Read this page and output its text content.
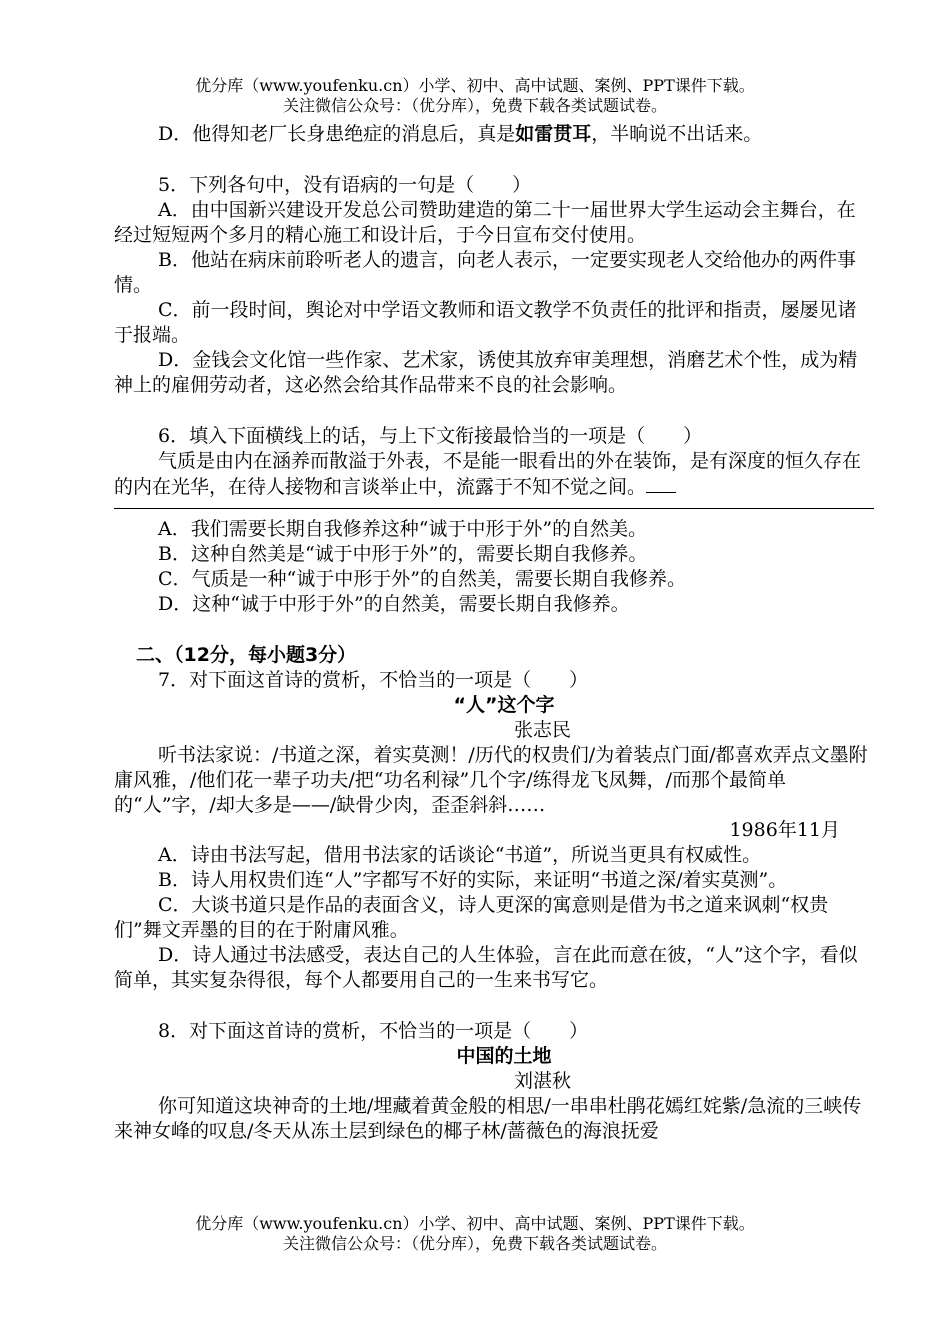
优分库（www.youfenku.cn）小学、初中、高中试题、案例、PPT课件下载。
关注微信公众号：（优分库），免费下载各类试题试卷。

D．他得知老厂长身患绝症的消息后，真是如雷贯耳，半晌说不出话来。

5．下列各句中，没有语病的一句是（　　）

A．由中国新兴建设开发总公司赞助建造的第二十一届世界大学生运动会主舞台，在经过短短两个多月的精心施工和设计后，于今日宣布交付使用。

B．他站在病床前聆听老人的遗言，向老人表示，一定要实现老人交给他办的两件事情。

C．前一段时间，舆论对中学语文教师和语文教学不负责任的批评和指责，屡屡见诸于报端。

D．金钱会文化馆一些作家、艺术家，诱使其放弃审美理想，消磨艺术个性，成为精神上的雇佣劳动者，这必然会给其作品带来不良的社会影响。

6．填入下面横线上的话，与上下文衔接最恰当的一项是（　　）

气质是由内在涵养而散溢于外表，不是能一眼看出的外在装饰，是有深度的恒久存在的内在光华，在待人接物和言谈举止中，流露于不知不觉之间。

A．我们需要长期自我修养这种“诚于中形于外”的自然美。

B．这种自然美是“诚于中形于外”的，需要长期自我修养。

C．气质是一种“诚于中形于外”的自然美，需要长期自我修养。

D．这种“诚于中形于外”的自然美，需要长期自我修养。

二、（12分，每小题3分）

7．对下面这首诗的赏析，不恰当的一项是（　　）

“人”这个字

张志民

听书法家说：/书道之深，着实莫测！/历代的权贵们/为着装点门面/都喜欢弄点文墨附庸风雅，/他们花一辈子功夫/把“功名利禄”几个字/练得龙飞凤舞，/而那个最简单的“人”字，/却大多是——/缺骨少肉，歪歪斜斜……

1986年11月

A．诗由书法写起，借用书法家的话谈论“书道”，所说当更具有权威性。

B．诗人用权贵们连“人”字都写不好的实际，来证明“书道之深/着实莫测”。

C．大谈书道只是作品的表面含义，诗人更深的寓意则是借为书之道来讽刺“权贵们”舞文弄墨的目的在于附庸风雅。

D．诗人通过书法感受，表达自己的人生体验，言在此而意在彼，“人”这个字，看似简单，其实复杂得很，每个人都要用自己的一生来书写它。

8．对下面这首诗的赏析，不恰当的一项是（　　）

中国的土地

刘湛秋

你可知道这块神奇的土地/埋藏着黄金般的相思/一串串杜鹃花嫣红姹紫/急流的三峡传来神女峰的叹息/冬天从冻土层到绿色的椰子林/蔷薇色的海浪抚爱

优分库（www.youfenku.cn）小学、初中、高中试题、案例、PPT课件下载。
关注微信公众号：（优分库），免费下载各类试题试卷。
